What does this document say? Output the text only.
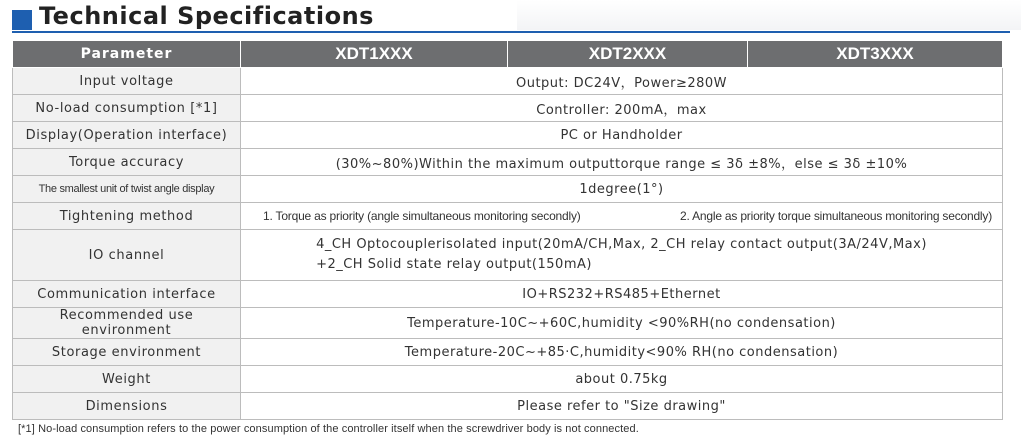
Technical Specifications
Parameter	XDT1XXX	XDT2XXX	XDT3XXX
Input voltage	Output: DC24V，Power≥280W		
No-load consumption [*1]	Controller: 200mA，max		
Display(Operation interface)	PC or Handholder		
Torque accuracy	(30%~80%)Within the maximum outputtorque range ≤ 3δ ±8%，else ≤ 3δ ±10%		
The smallest unit of twist angle display	1degree(1°)		
Tightening method	1. Torque as priority (angle simultaneous monitoring secondly) 2. Angle as priority torque simultaneous monitoring secondly)		

IO channel	4_CH Optocouplerisolated input(20mA/CH,Max, 2_CH relay contact output(3A/24V,Max)
+2_CH Solid state relay output(150mA)		

Communication interface	IO+RS232+RS485+Ethernet		
Recommended use environment	Temperature-10C~+60C,humidity <90%RH(no condensation)		
Storage environment	Temperature-20C~+85·C,humidity<90% RH(no condensation)		
Weight	about 0.75kg		
Dimensions	Please refer to "Size drawing"		
[*1] No-load consumption refers to the power consumption of the controller itself when the screwdriver body is not connected.
